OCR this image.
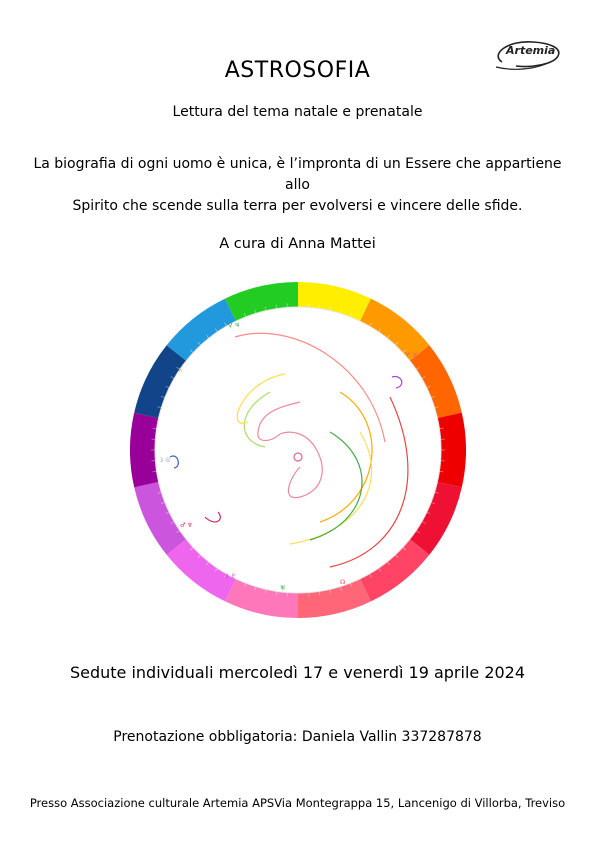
Artemia
ASTROSOFIA
Lettura del tema natale e prenatale
La biografia di ogni uomo è unica, è l’impronta di un Essere che appartiene allo
Spirito che scende sulla terra per evolversi e vincere delle sfide.
A cura di Anna Mattei
♀ ♃
♄
☽ ☉
♂ ♆
☿ ♇
♅
☊
♈ ♉
Sedute individuali mercoledì 17 e venerdì 19 aprile 2024
Prenotazione obbligatoria: Daniela Vallin 337287878
Presso Associazione culturale Artemia APSVia Montegrappa 15, Lancenigo di Villorba, Treviso
